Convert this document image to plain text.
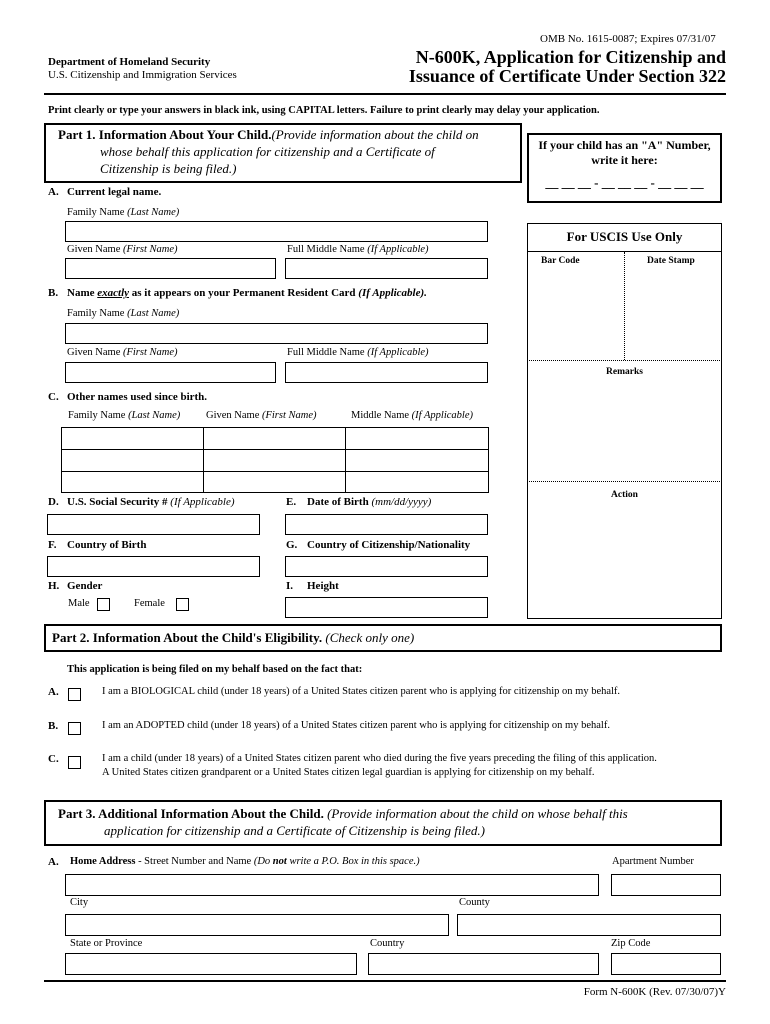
OMB No. 1615-0087; Expires 07/31/07
Department of Homeland Security
U.S. Citizenship and Immigration Services
N-600K, Application for Citizenship and
Issuance of Certificate Under Section 322
Print clearly or type your answers in black ink, using CAPITAL letters. Failure to print clearly may delay your application.
Part 1. Information About Your Child.(Provide information about the child on
whose behalf this application for citizenship and a Certificate of
Citizenship is being filed.)
If your child has an "A" Number,
write it here:
__ __ __ - __ __ __ - __ __ __
A. Current legal name.
Family Name (Last Name)
Given Name (First Name)	Full Middle Name (If Applicable)
B. Name exactly as it appears on your Permanent Resident Card (If Applicable).
Family Name (Last Name)
Given Name (First Name)	Full Middle Name (If Applicable)
C. Other names used since birth.
Family Name (Last Name) Given Name (First Name)	Middle Name (If Applicable)
D. U.S. Social Security # (If Applicable)	E. Date of Birth (mm/dd/yyyy)
F. Country of Birth	G. Country of Citizenship/Nationality
H. Gender
Male	Female
I. Height
For USCIS Use Only
Bar Code	Date Stamp
Remarks
Action
Part 2. Information About the Child's Eligibility. (Check only one)
This application is being filed on my behalf based on the fact that:
A.	I am a BIOLOGICAL child (under 18 years) of a United States citizen parent who is applying for citizenship on my behalf.
B.	I am an ADOPTED child (under 18 years) of a United States citizen parent who is applying for citizenship on my behalf.
C.	I am a child (under 18 years) of a United States citizen parent who died during the five years preceding the filing of this application.
A United States citizen grandparent or a United States citizen legal guardian is applying for citizenship on my behalf.
Part 3. Additional Information About the Child. (Provide information about the child on whose behalf this
application for citizenship and a Certificate of Citizenship is being filed.)
A. Home Address - Street Number and Name (Do not write a P.O. Box in this space.)	Apartment Number
City	County
State or Province	Country	Zip Code
Form N-600K (Rev. 07/30/07)Y
